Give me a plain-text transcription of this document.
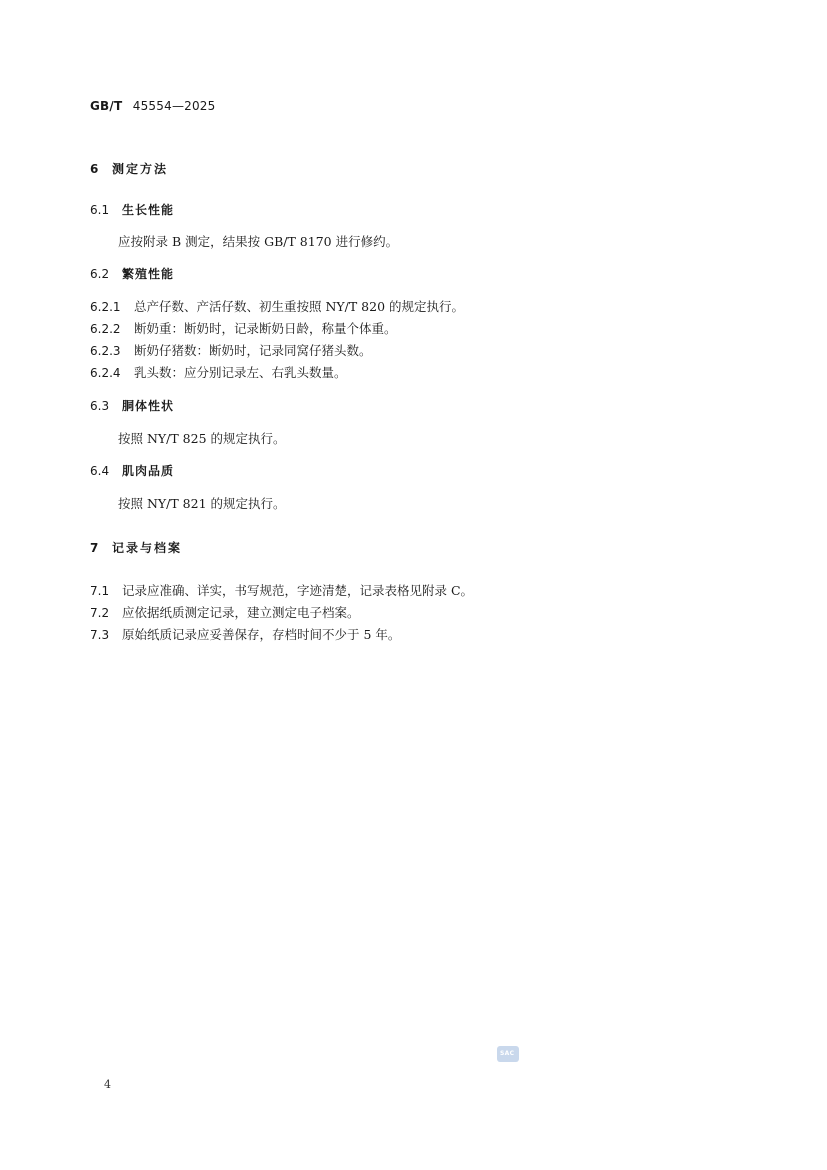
GB/T 45554—2025
6 测定方法
6.1 生长性能
应按附录 B 测定，结果按 GB/T 8170 进行修约。
6.2 繁殖性能
6.2.1 总产仔数、产活仔数、初生重按照 NY/T 820 的规定执行。
6.2.2 断奶重：断奶时，记录断奶日龄，称量个体重。
6.2.3 断奶仔猪数：断奶时，记录同窝仔猪头数。
6.2.4 乳头数：应分别记录左、右乳头数量。
6.3 胴体性状
按照 NY/T 825 的规定执行。
6.4 肌肉品质
按照 NY/T 821 的规定执行。
7 记录与档案
7.1 记录应准确、详实，书写规范，字迹清楚，记录表格见附录 C。
7.2 应依据纸质测定记录，建立测定电子档案。
7.3 原始纸质记录应妥善保存，存档时间不少于 5 年。
SAC
4
